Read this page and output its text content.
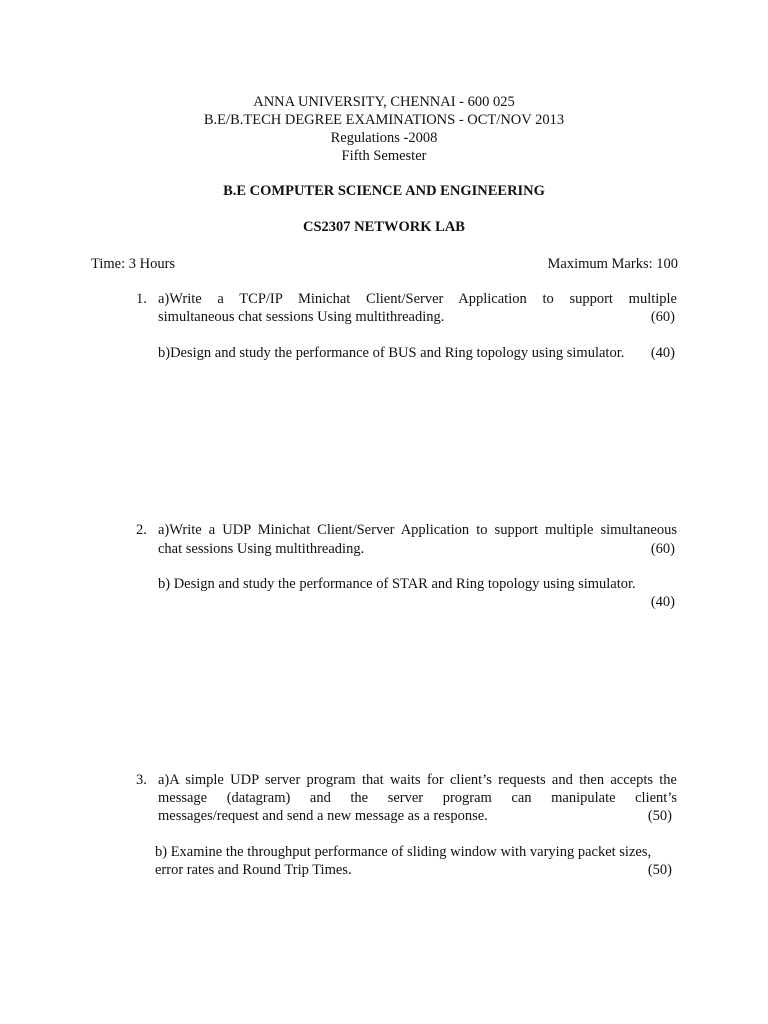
ANNA UNIVERSITY, CHENNAI - 600 025
B.E/B.TECH DEGREE EXAMINATIONS - OCT/NOV 2013
Regulations -2008
Fifth Semester
B.E COMPUTER SCIENCE AND ENGINEERING
CS2307 NETWORK LAB
Time: 3 Hours	Maximum Marks: 100
1. a)Write a TCP/IP Minichat Client/Server Application to support multiple
simultaneous chat sessions Using multithreading.	(60)
b)Design and study the performance of BUS and Ring topology using simulator.	(40)
2. a)Write a UDP Minichat Client/Server Application to support multiple simultaneous
chat sessions Using multithreading.	(60)
b) Design and study the performance of STAR and Ring topology using simulator.
(40)
3. a)A simple UDP server program that waits for client’s requests and then accepts the
message (datagram) and the server program can manipulate client’s
messages/request and send a new message as a response.	(50)
b) Examine the throughput performance of sliding window with varying packet sizes,
error rates and Round Trip Times.	(50)
